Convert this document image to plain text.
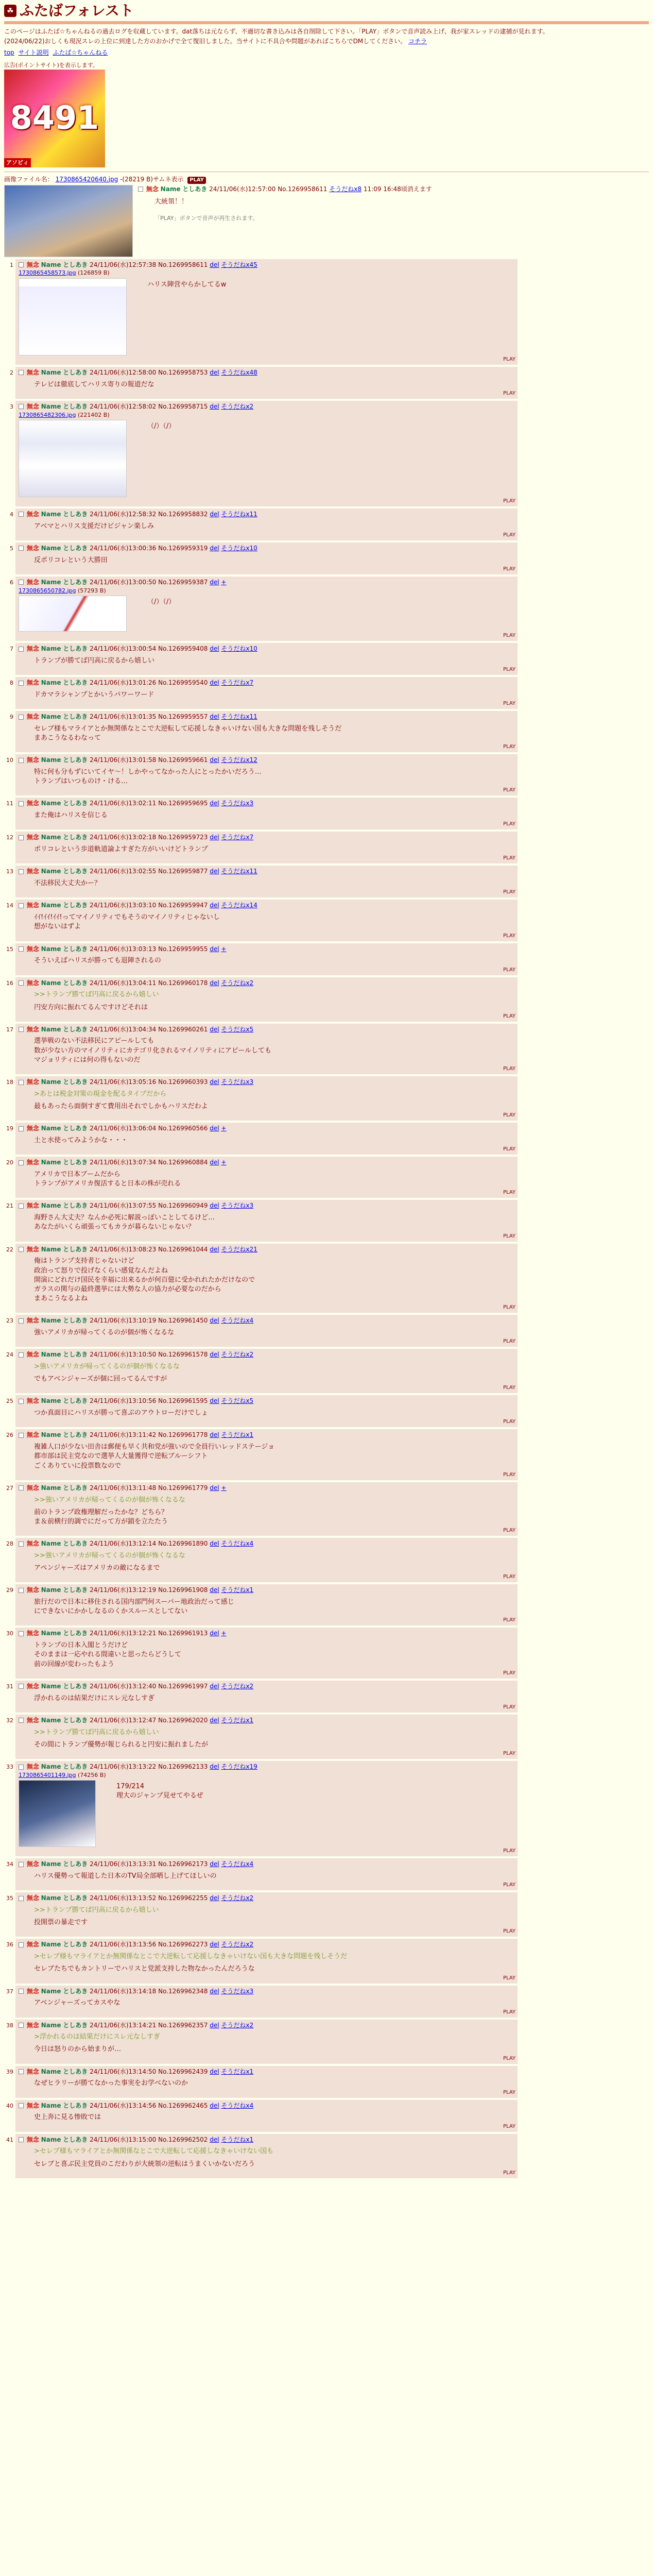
☘ ふたばフォレスト

このページはふたば☆ちゃんねるの過去ログを収蔵しています。dat落ちは元ならず、不適切な書き込みは各自削除して下さい。「PLAY」ボタンで音声読み上げ、我が家スレッドの逮捕が見れます。

(2024/06/22)おしくも現況スレの上位に到達した方のおかげで全て復旧しました。当サイトに不具合や問題があればこちらでDMしてください。 コチラ

top サイト説明 ふたば☆ちゃんねる
広告(ポイントサイト)を表示します。
8491
アソビィ
画像ファイル名： 1730865420640.jpg -(28219 B)サムネ表示 PLAY
無念 Name としあき 24/11/06(水)12:57:00 No.1269958611 そうだねx8 11:09 16:48頃消えます
大統領！！
「PLAY」ボタンで音声が再生されます。
1	無念 Name としあき 24/11/06(水)12:57:38 No.1269958611 del そうだねx45
1730865458573.jpg (126859 B)
ハリス陣営やらかしてるw
PLAY
2	無念 Name としあき 24/11/06(水)12:58:00 No.1269958753 del そうだねx48
テレビは徹底してハリス寄りの報道だな
PLAY
3	無念 Name としあき 24/11/06(水)12:58:02 No.1269958715 del そうだねx2
1730865482306.jpg (221402 B)
（/）（/）
PLAY
4	無念 Name としあき 24/11/06(水)12:58:32 No.1269958832 del そうだねx11
アベマとハリス支援だけビジャン楽しみ
PLAY
5	無念 Name としあき 24/11/06(水)13:00:36 No.1269959319 del そうだねx10
反ポリコレという大勝田
PLAY
6	無念 Name としあき 24/11/06(水)13:00:50 No.1269959387 del +
1730865650782.jpg (57293 B)
（/）（/）
PLAY
7	無念 Name としあき 24/11/06(水)13:00:54 No.1269959408 del そうだねx10
トランプが勝てば円高に戻るから嬉しい
PLAY
8	無念 Name としあき 24/11/06(水)13:01:26 No.1269959540 del そうだねx7
ドカマラシャンプとかいうパワーワード
PLAY
9	無念 Name としあき 24/11/06(水)13:01:35 No.1269959557 del そうだねx11
セレブ様もマライアとか無関係なとこで大逆転して応援しなきゃいけない国も大きな問題を残しそうだ
まあこうなるわなって
PLAY
10	無念 Name としあき 24/11/06(水)13:01:58 No.1269959661 del そうだねx12
特に何も分もずにいてイヤ～！しかやってなかった人にとったかいだろう…
トランプはいつものけ・ける…
PLAY
11	無念 Name としあき 24/11/06(水)13:02:11 No.1269959695 del そうだねx3
また俺はハリスを信じる
PLAY
12	無念 Name としあき 24/11/06(水)13:02:18 No.1269959723 del そうだねx7
ポリコレという歩道軌道論よすぎた方がいいけどトランプ
PLAY
13	無念 Name としあき 24/11/06(水)13:02:55 No.1269959877 del そうだねx11
不法移民大丈夫かー？
PLAY
14	無念 Name としあき 24/11/06(水)13:03:10 No.1269959947 del そうだねx14
ｲｲ!ｲｲ!ｲｲ!ってマイノリティでもそうのマイノリティじゃないし
想がないはずよ
PLAY
15	無念 Name としあき 24/11/06(水)13:03:13 No.1269959955 del +
そういえばハリスが勝っても退陣されるの
PLAY
16	無念 Name としあき 24/11/06(水)13:04:11 No.1269960178 del そうだねx2
>>トランプ勝てば円高に戻るから嬉しい
円安方向に振れてるんですけどそれは
PLAY
17	無念 Name としあき 24/11/06(水)13:04:34 No.1269960261 del そうだねx5
選挙戦のない不法移民にアピールしても
数が少ない方のマイノリティにカテゴリ化されるマイノリティにアピールしても
マジョリティには何の得もないのだ
PLAY
18	無念 Name としあき 24/11/06(水)13:05:16 No.1269960393 del そうだねx3
>あとは税金対策の現金を配るタイプだから
最もあったら面倒すぎて費用出それでしかもハリスだわよ
PLAY
19	無念 Name としあき 24/11/06(水)13:06:04 No.1269960566 del +
土と水使ってみようかな・・・
PLAY
20	無念 Name としあき 24/11/06(水)13:07:34 No.1269960884 del +
アメリカで日本ブームだから
トランプがアメリカ復活すると日本の株が売れる
PLAY
21	無念 Name としあき 24/11/06(水)13:07:55 No.1269960949 del そうだねx3
海野さん大丈夫？なんか必死に解説っぽいことしてるけど…
あなたがいくら頑張ってもカラが暮らないじゃない？
PLAY
22	無念 Name としあき 24/11/06(水)13:08:23 No.1269961044 del そうだねx21
俺はトランプ支持者じゃないけど
政治って怒りで投げなくらい感覚なんだよね
開演にどれだけ国民を幸福に出来るかが何百億に受かれれたかだけなので
ガラスの関与の最終選挙には大勢な人の協力が必要なのだから
まあこうなるよね
PLAY
23	無念 Name としあき 24/11/06(水)13:10:19 No.1269961450 del そうだねx4
強いアメリカが帰ってくるのが個が怖くなるな
PLAY
24	無念 Name としあき 24/11/06(水)13:10:50 No.1269961578 del そうだねx2
>強いアメリカが帰ってくるのが個が怖くなるな
でもアベンジャーズが個に回ってるんですが
PLAY
25	無念 Name としあき 24/11/06(水)13:10:56 No.1269961595 del そうだねx5
つか真面目にハリスが勝って喜ぶのアウトローだけでしょ
PLAY
26	無念 Name としあき 24/11/06(水)13:11:42 No.1269961778 del そうだねx1
複雑人口が少ない田舎は郵便も早く共和党が強いので全員行いレッドステージョ
都市部は民主党なので選挙人大量獲得で逆転ブルーシフト
ごくありていに投票数なので
PLAY
27	無念 Name としあき 24/11/06(水)13:11:48 No.1269961779 del +
>>強いアメリカが帰ってくるのが個が怖くなるな
前のトランプ政権理解だったかな？どちら？
ま＆前横行的調でにだって方が鎖を立たたう
PLAY
28	無念 Name としあき 24/11/06(水)13:12:14 No.1269961890 del そうだねx4
>>強いアメリカが帰ってくるのが個が怖くなるな
アペンジャーズはアメリカの敵になるまで
PLAY
29	無念 Name としあき 24/11/06(水)13:12:19 No.1269961908 del そうだねx1
旅行だので日本に移住される国内部門何スーパー地政治だって感じ
にできないにかかしなるのくかスルースとしてない
PLAY
30	無念 Name としあき 24/11/06(水)13:12:21 No.1269961913 del +
トランプの日本入閣とうだけど
そのままは一応やれる間違いと思ったらどうして
前の回線が変わったもよう
PLAY
31	無念 Name としあき 24/11/06(水)13:12:40 No.1269961997 del そうだねx2
浮かれるのは結果だけにスレ元なしすぎ
PLAY
32	無念 Name としあき 24/11/06(水)13:12:47 No.1269962020 del そうだねx1
>>トランプ勝てば円高に戻るから嬉しい
その間にトランプ優勢が報じられると円安に振れましたが
PLAY
33	無念 Name としあき 24/11/06(水)13:13:22 No.1269962133 del そうだねx19
1730865401149.jpg (74256 B)
179/214
理大のジャンプ見せてやるぜ
PLAY
34	無念 Name としあき 24/11/06(水)13:13:31 No.1269962173 del そうだねx4
ハリス優勢って報道した日本のTV局全部晒し上げてほしいの
PLAY
35	無念 Name としあき 24/11/06(水)13:13:52 No.1269962255 del そうだねx2
>>トランプ勝てば円高に戻るから嬉しい
投開票の暴走です
PLAY
36	無念 Name としあき 24/11/06(水)13:13:56 No.1269962273 del そうだねx2
>セレブ様もマライアとか無関係なとこで大逆転して応援しなきゃいけない国も大きな問題を残しそうだ
セレブたちでもカントリーでハリスと党派支持した物なかったんだろうな
PLAY
37	無念 Name としあき 24/11/06(水)13:14:18 No.1269962348 del そうだねx3
アベンジャーズってカスやな
PLAY
38	無念 Name としあき 24/11/06(水)13:14:21 No.1269962357 del そうだねx2
>浮かれるのは結果だけにスレ元なしすぎ
今日は怒りのから始まりが…
PLAY
39	無念 Name としあき 24/11/06(水)13:14:50 No.1269962439 del そうだねx1
なぜヒラリーが勝てなかった事実をお学べないのか
PLAY
40	無念 Name としあき 24/11/06(水)13:14:56 No.1269962465 del そうだねx4
史上奔に見る惨敗では
PLAY
41	無念 Name としあき 24/11/06(水)13:15:00 No.1269962502 del そうだねx1
>セレブ様もマライアとか無関係なとこで大逆転して応援しなきゃいけない国も
セレブと喜ぶ民主党員のこだわりが大統領の逆転はうまくいかないだろう
PLAY
